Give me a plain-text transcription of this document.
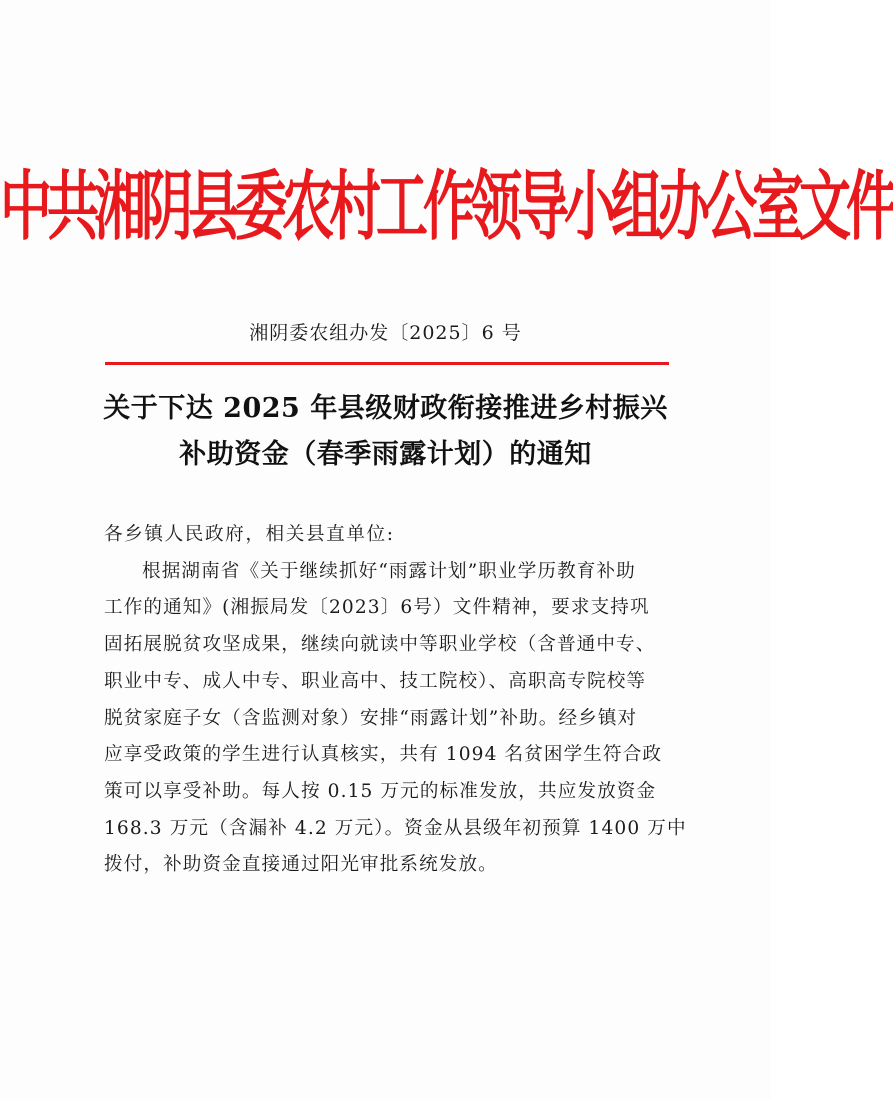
中共湘阴县委农村工作领导小组办公室文件
湘阴委农组办发〔2025〕6 号
关于下达 2025 年县级财政衔接推进乡村振兴
补助资金（春季雨露计划）的通知

各乡镇人民政府，相关县直单位:

根据湖南省《关于继续抓好“雨露计划”职业学历教育补助

工作的通知》(湘振局发〔2023〕6号）文件精神，要求支持巩

固拓展脱贫攻坚成果，继续向就读中等职业学校（含普通中专、

职业中专、成人中专、职业高中、技工院校）、高职高专院校等

脱贫家庭子女（含监测对象）安排“雨露计划”补助。经乡镇对

应享受政策的学生进行认真核实，共有 1094 名贫困学生符合政

策可以享受补助。每人按 0.15 万元的标准发放，共应发放资金

168.3 万元（含漏补 4.2 万元）。资金从县级年初预算 1400 万中

拨付，补助资金直接通过阳光审批系统发放。
